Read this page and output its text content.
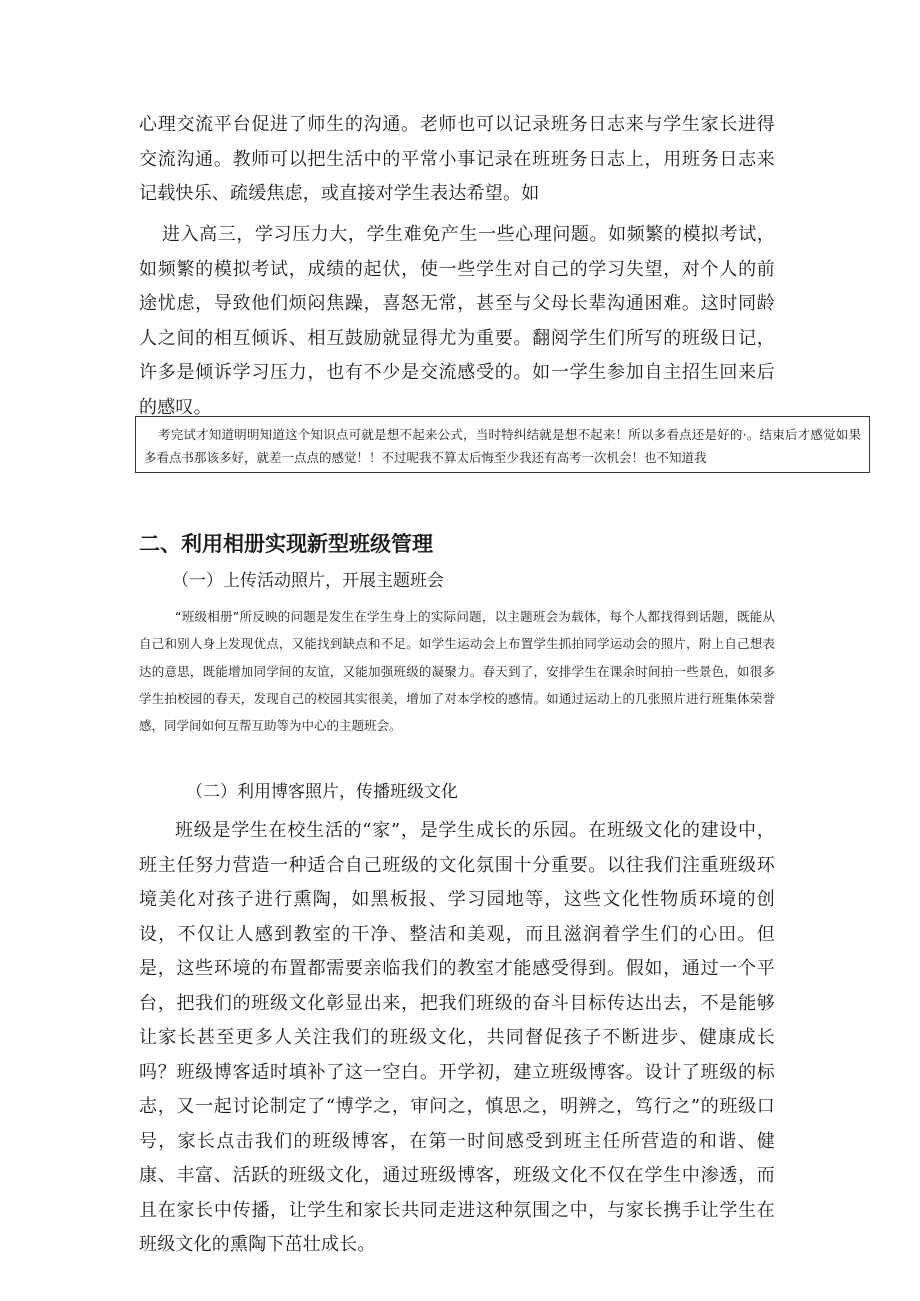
心理交流平台促进了师生的沟通。老师也可以记录班务日志来与学生家长进得交流沟通。教师可以把生活中的平常小事记录在班班务日志上，用班务日志来记载快乐、疏缓焦虑，或直接对学生表达希望。如

进入高三，学习压力大，学生难免产生一些心理问题。如频繁的模拟考试，如频繁的模拟考试，成绩的起伏，使一些学生对自己的学习失望，对个人的前途忧虑，导致他们烦闷焦躁，喜怒无常，甚至与父母长辈沟通困难。这时同龄人之间的相互倾诉、相互鼓励就显得尤为重要。翻阅学生们所写的班级日记，许多是倾诉学习压力，也有不少是交流感受的。如一学生参加自主招生回来后的感叹。

考完试才知道明明知道这个知识点可就是想不起来公式，当时特纠结就是想不起来！所以多看点还是好的·。结束后才感觉如果多看点书那该多好，就差一点点的感觉！！不过呢我不算太后悔至少我还有高考一次机会！也不知道我

二、利用相册实现新型班级管理

（一）上传活动照片，开展主题班会

“班级相册”所反映的问题是发生在学生身上的实际问题，以主题班会为载体，每个人都找得到话题，既能从自己和别人身上发现优点，又能找到缺点和不足。如学生运动会上布置学生抓拍同学运动会的照片，附上自己想表达的意思，既能增加同学间的友谊，又能加强班级的凝聚力。春天到了，安排学生在课余时间拍一些景色，如很多学生拍校园的春天，发现自己的校园其实很美，增加了对本学校的感情。如通过运动上的几张照片进行班集体荣誉感，同学间如何互帮互助等为中心的主题班会。

（二）利用博客照片，传播班级文化

班级是学生在校生活的“家”，是学生成长的乐园。在班级文化的建设中，班主任努力营造一种适合自己班级的文化氛围十分重要。以往我们注重班级环境美化对孩子进行熏陶，如黑板报、学习园地等，这些文化性物质环境的创设，不仅让人感到教室的干净、整洁和美观，而且滋润着学生们的心田。但是，这些环境的布置都需要亲临我们的教室才能感受得到。假如，通过一个平台，把我们的班级文化彰显出来，把我们班级的奋斗目标传达出去，不是能够让家长甚至更多人关注我们的班级文化，共同督促孩子不断进步、健康成长吗？班级博客适时填补了这一空白。开学初，建立班级博客。设计了班级的标志，又一起讨论制定了“博学之，审问之，慎思之，明辨之，笃行之”的班级口号，家长点击我们的班级博客，在第一时间感受到班主任所营造的和谐、健康、丰富、活跃的班级文化，通过班级博客，班级文化不仅在学生中渗透，而且在家长中传播，让学生和家长共同走进这种氛围之中，与家长携手让学生在班级文化的熏陶下茁壮成长。
